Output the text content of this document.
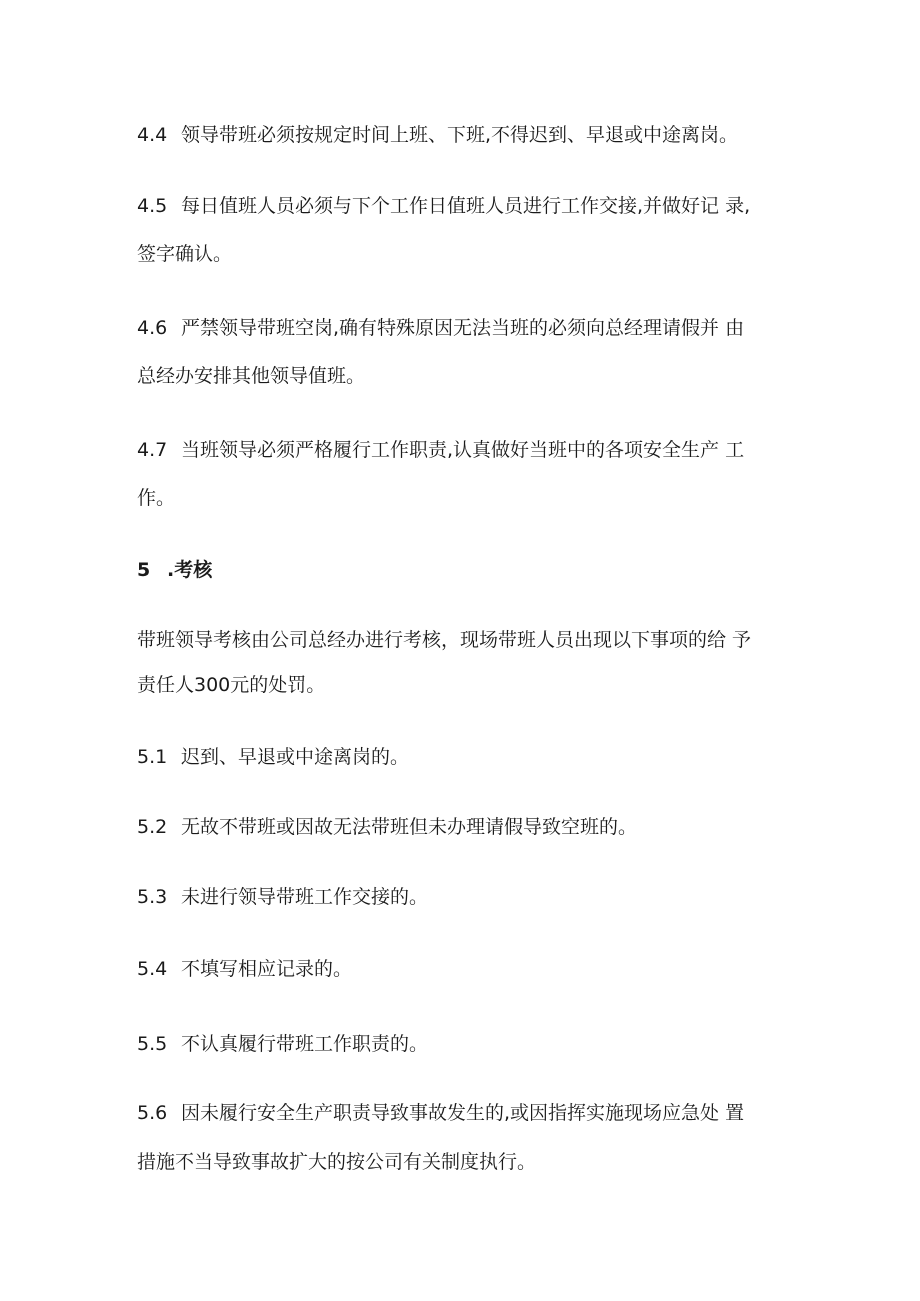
4.4 领导带班必须按规定时间上班、下班,不得迟到、早退或中途离岗。
4.5 每日值班人员必须与下个工作日值班人员进行工作交接,并做好记 录,
签字确认。
4.6 严禁领导带班空岗,确有特殊原因无法当班的必须向总经理请假并 由
总经办安排其他领导值班。
4.7 当班领导必须严格履行工作职责,认真做好当班中的各项安全生产 工
作。
5 .考核
带班领导考核由公司总经办进行考核，现场带班人员出现以下事项的给 予
责任人300元的处罚。
5.1 迟到、早退或中途离岗的。
5.2 无故不带班或因故无法带班但未办理请假导致空班的。
5.3 未进行领导带班工作交接的。
5.4 不填写相应记录的。
5.5 不认真履行带班工作职责的。
5.6 因未履行安全生产职责导致事故发生的,或因指挥实施现场应急处 置
措施不当导致事故扩大的按公司有关制度执行。
